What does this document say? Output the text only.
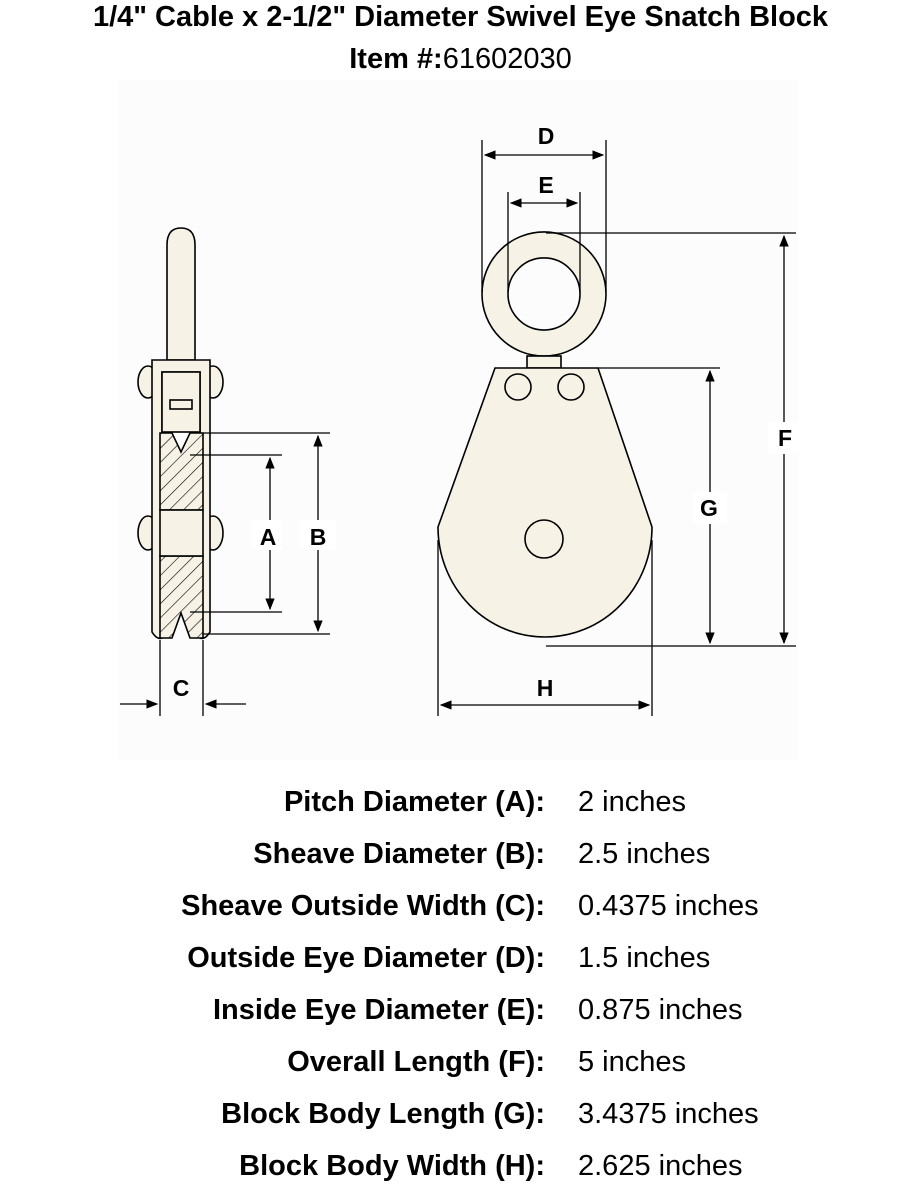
1/4" Cable x 2-1/2" Diameter Swivel Eye Snatch Block
Item #:61602030
A B
C
D
E
F
G
H
Pitch Diameter (A): 2 inches
Sheave Diameter (B): 2.5 inches
Sheave Outside Width (C): 0.4375 inches
Outside Eye Diameter (D): 1.5 inches
Inside Eye Diameter (E): 0.875 inches
Overall Length (F): 5 inches
Block Body Length (G): 3.4375 inches
Block Body Width (H): 2.625 inches
